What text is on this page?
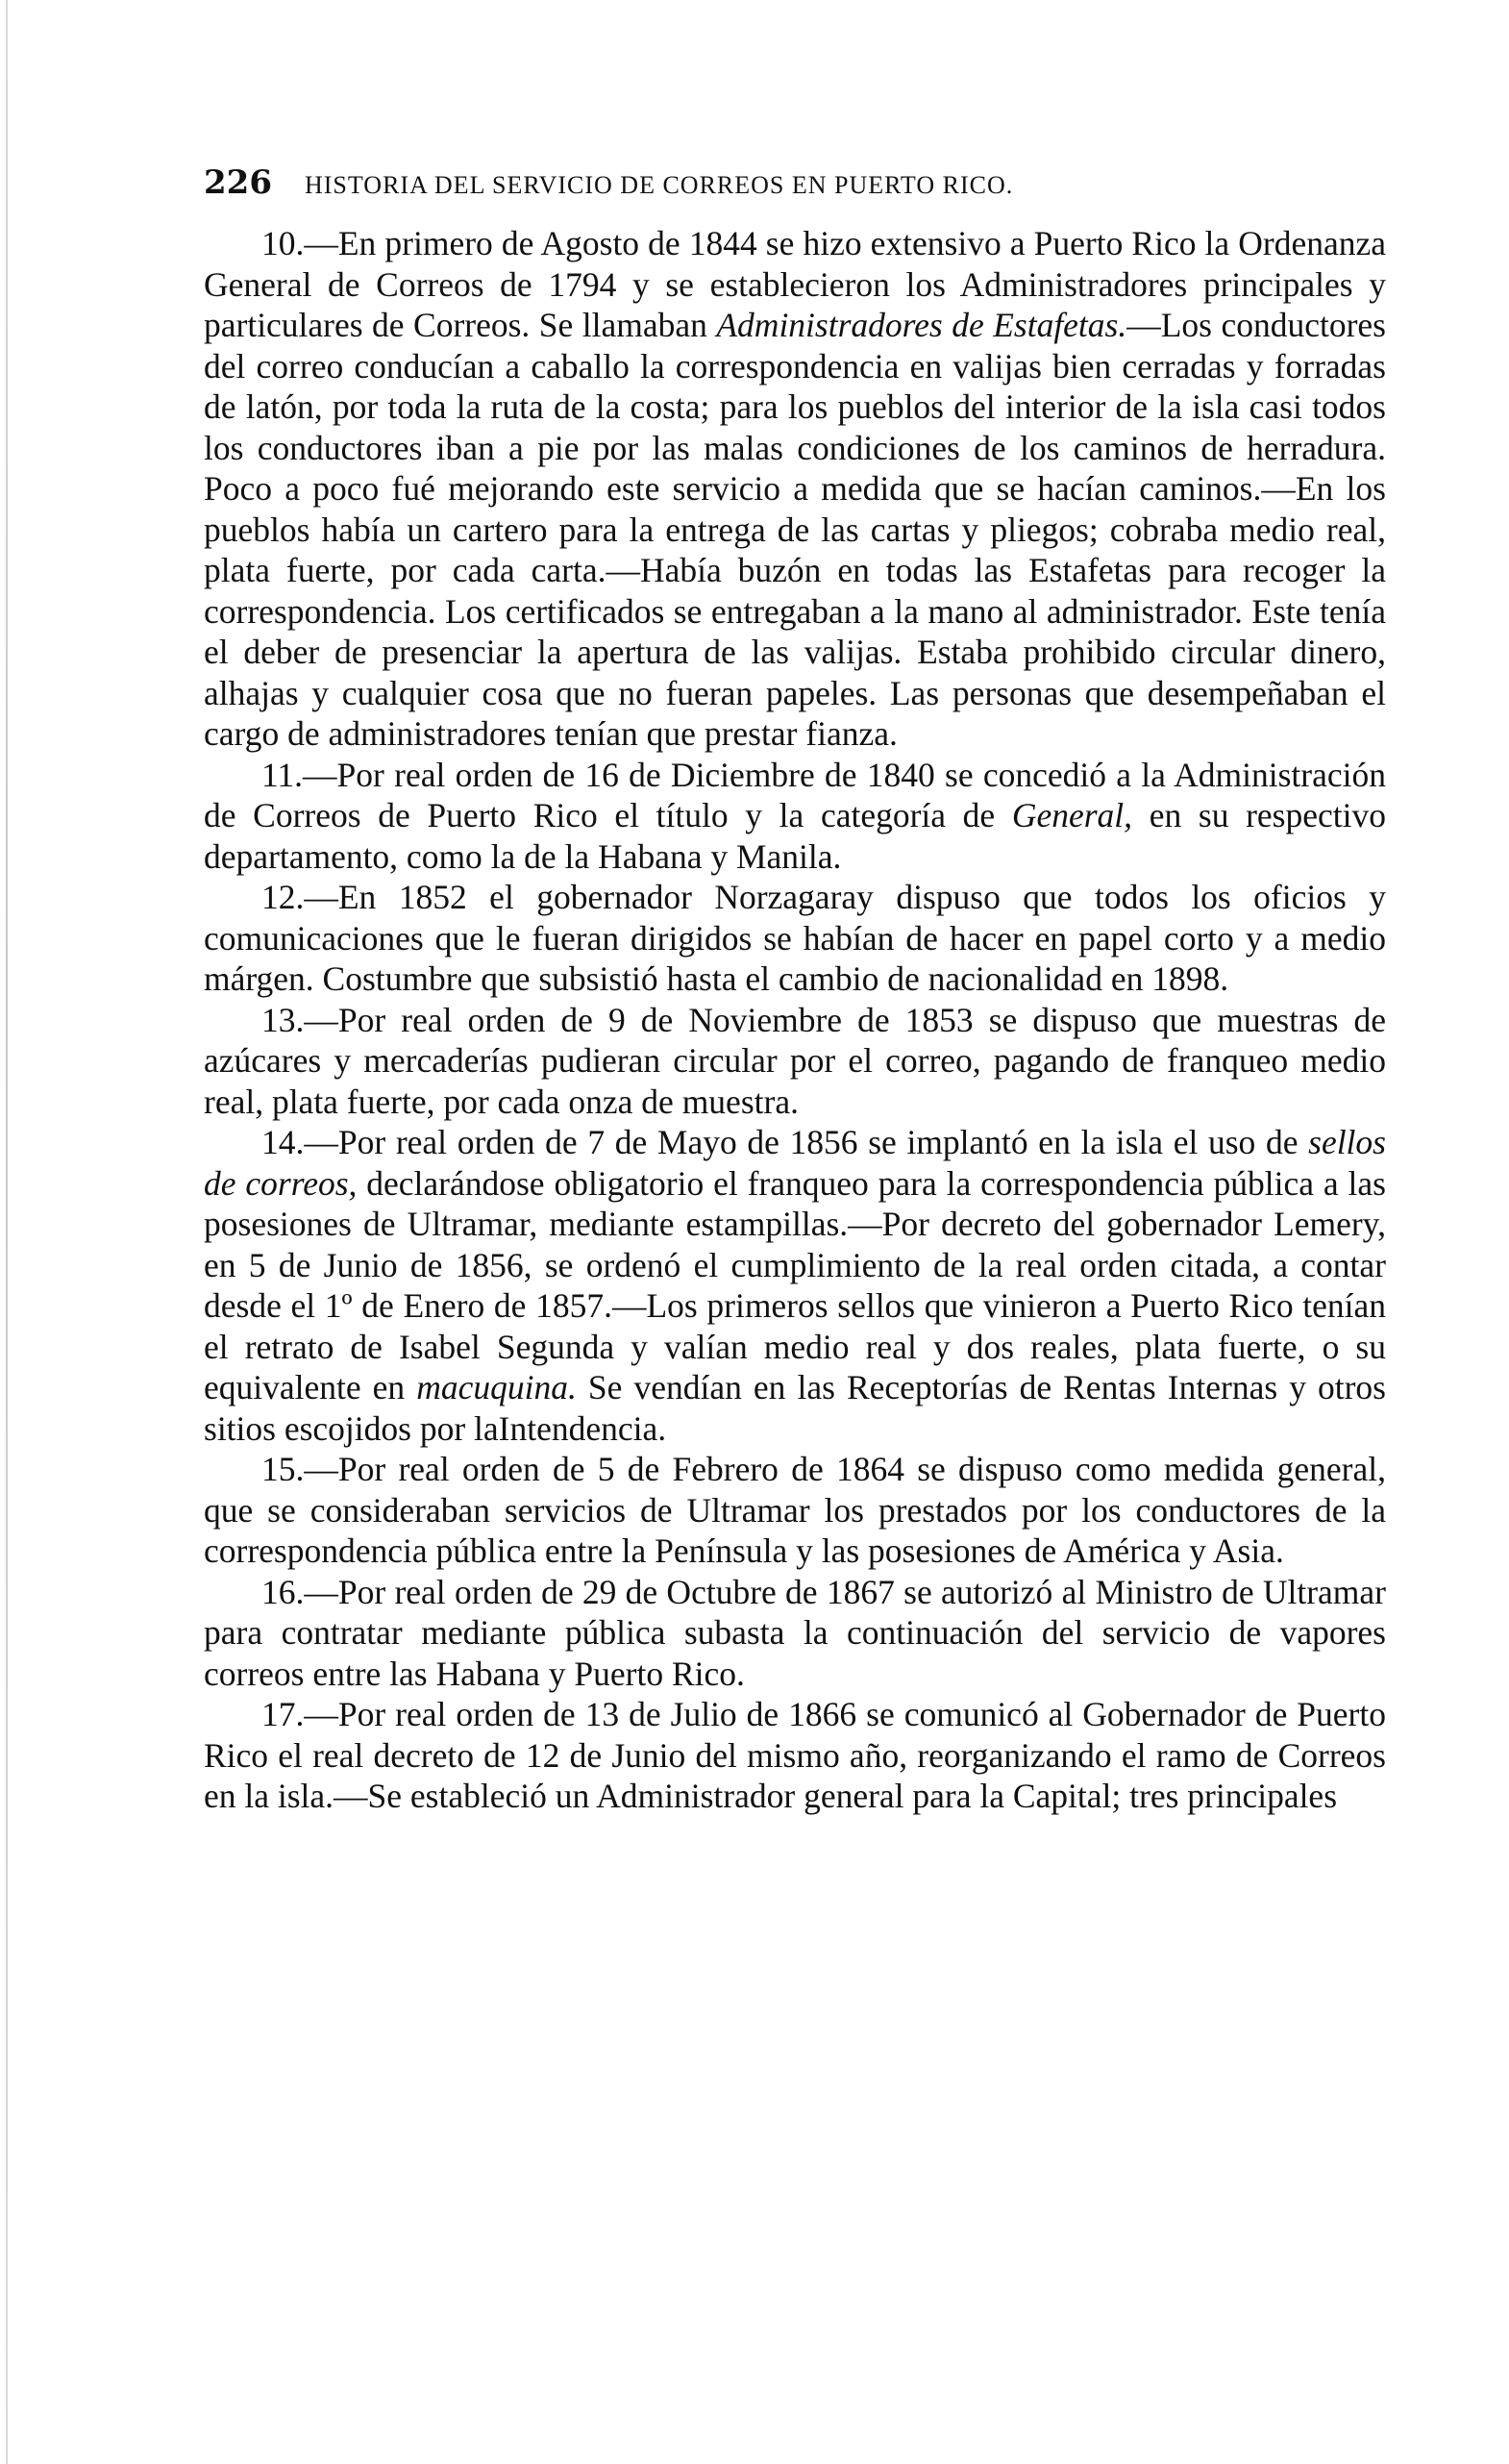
226 HISTORIA DEL SERVICIO DE CORREOS EN PUERTO RICO.

10.—En primero de Agosto de 1844 se hizo extensivo a Puerto Rico la Ordenanza General de Correos de 1794 y se establecieron los Administradores principales y particulares de Correos. Se llamaban Administradores de Estafetas.—Los conductores del correo conducían a caballo la correspondencia en valijas bien cerradas y forradas de latón, por toda la ruta de la costa; para los pueblos del interior de la isla casi todos los conductores iban a pie por las malas condiciones de los caminos de herradura. Poco a poco fué mejorando este servicio a medida que se hacían caminos.—En los pueblos había un cartero para la entrega de las cartas y pliegos; cobraba medio real, plata fuerte, por cada carta.—Había buzón en todas las Estafetas para recoger la correspondencia. Los certificados se entregaban a la mano al administrador. Este tenía el deber de presenciar la apertura de las valijas. Estaba prohibido circular dinero, alhajas y cualquier cosa que no fueran papeles. Las personas que desempeñaban el cargo de administradores tenían que prestar fianza.

11.—Por real orden de 16 de Diciembre de 1840 se concedió a la Administración de Correos de Puerto Rico el título y la categoría de General, en su respectivo departamento, como la de la Habana y Manila.

12.—En 1852 el gobernador Norzagaray dispuso que todos los oficios y comunicaciones que le fueran dirigidos se habían de hacer en papel corto y a medio márgen. Costumbre que subsistió hasta el cambio de nacionalidad en 1898.

13.—Por real orden de 9 de Noviembre de 1853 se dispuso que muestras de azúcares y mercaderías pudieran circular por el correo, pagando de franqueo medio real, plata fuerte, por cada onza de muestra.

14.—Por real orden de 7 de Mayo de 1856 se implantó en la isla el uso de sellos de correos, declarándose obligatorio el franqueo para la correspondencia pública a las posesiones de Ultramar, mediante estampillas.—Por decreto del gobernador Lemery, en 5 de Junio de 1856, se ordenó el cumplimiento de la real orden citada, a contar desde el 1º de Enero de 1857.—Los primeros sellos que vinieron a Puerto Rico tenían el retrato de Isabel Segunda y valían medio real y dos reales, plata fuerte, o su equivalente en macuquina. Se vendían en las Receptorías de Rentas Internas y otros sitios escojidos por laIntendencia.

15.—Por real orden de 5 de Febrero de 1864 se dispuso como medida general, que se consideraban servicios de Ultramar los prestados por los conductores de la correspondencia pública entre la Península y las posesiones de América y Asia.

16.—Por real orden de 29 de Octubre de 1867 se autorizó al Ministro de Ultramar para contratar mediante pública subasta la continuación del servicio de vapores correos entre las Habana y Puerto Rico.

17.—Por real orden de 13 de Julio de 1866 se comunicó al Gobernador de Puerto Rico el real decreto de 12 de Junio del mismo año, reorganizando el ramo de Correos en la isla.—Se estableció un Administrador general para la Capital; tres principales
